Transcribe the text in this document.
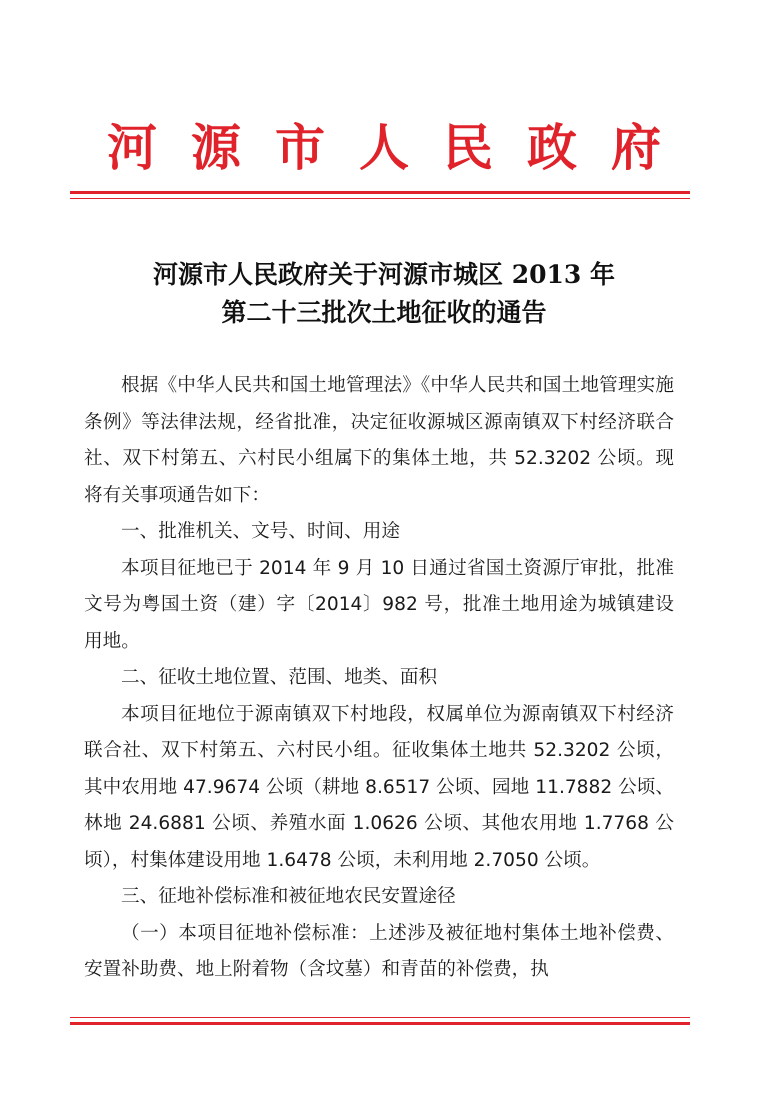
河源市人民政府
河源市人民政府关于河源市城区 2013 年
第二十三批次土地征收的通告

根据《中华人民共和国土地管理法》《中华人民共和国土地管理实施条例》等法律法规，经省批准，决定征收源城区源南镇双下村经济联合社、双下村第五、六村民小组属下的集体土地，共 52.3202 公顷。现将有关事项通告如下：

一、批准机关、文号、时间、用途

本项目征地已于 2014 年 9 月 10 日通过省国土资源厅审批，批准文号为粤国土资（建）字〔2014〕982 号，批准土地用途为城镇建设用地。

二、征收土地位置、范围、地类、面积

本项目征地位于源南镇双下村地段，权属单位为源南镇双下村经济联合社、双下村第五、六村民小组。征收集体土地共 52.3202 公顷，其中农用地 47.9674 公顷（耕地 8.6517 公顷、园地 11.7882 公顷、林地 24.6881 公顷、养殖水面 1.0626 公顷、其他农用地 1.7768 公顷），村集体建设用地 1.6478 公顷，未利用地 2.7050 公顷。

三、征地补偿标准和被征地农民安置途径

（一）本项目征地补偿标准：上述涉及被征地村集体土地补偿费、安置补助费、地上附着物（含坟墓）和青苗的补偿费，执
